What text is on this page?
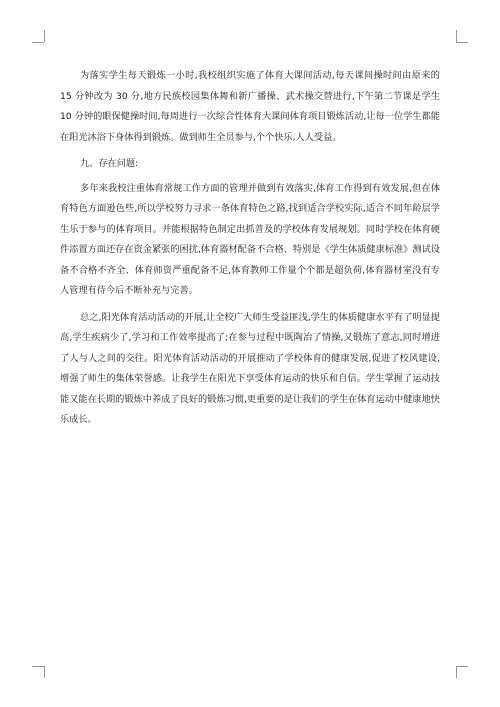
为落实学生每天锻炼一小时,我校组织实施了体育大课间活动,每天课间操时间由原来的 15 分钟改为 30 分,地方民族校园集体舞和新广播操、武术操交替进行,下午第二节课是学生 10 分钟的眼保健操时间,每周进行一次综合性体育大课间体育项目锻炼活动,让每一位学生都能在阳光沐浴下身体得到锻炼。做到师生全员参与,个个快乐,人人受益。

九、存在问题:

多年来我校注重体育常规工作方面的管理并做到有效落实,体育工作得到有效发展,但在体育特色方面逊色些,所以学校努力寻求一条体育特色之路,找到适合学校实际,适合不同年龄层学生乐于参与的体育项目。并能根据特色制定出抓普及的学校体育发展规划。同时学校在体育硬件添置方面还存在资金紧张的困扰,体育器材配备不合格、特别是《学生体质健康标准》测试设备不合格不齐全、体育师资严重配备不足,体育教师工作量个个都是超负荷,体育器材室没有专人管理有待今后不断补充与完善。

总之,阳光体育活动活动的开展,让全校广大师生受益匪浅,学生的体质健康水平有了明显提高,学生疾病少了,学习和工作效率提高了;在参与过程中既陶冶了情操,又锻炼了意志,同时增进了人与人之间的交往。阳光体育活动活动的开展推动了学校体育的健康发展,促进了校风建设,增强了师生的集体荣誉感。让我学生在阳光下享受体育运动的快乐和自信。学生掌握了运动技能又能在长期的锻炼中养成了良好的锻炼习惯,更重要的是让我们的学生在体育运动中健康地快乐成长。
